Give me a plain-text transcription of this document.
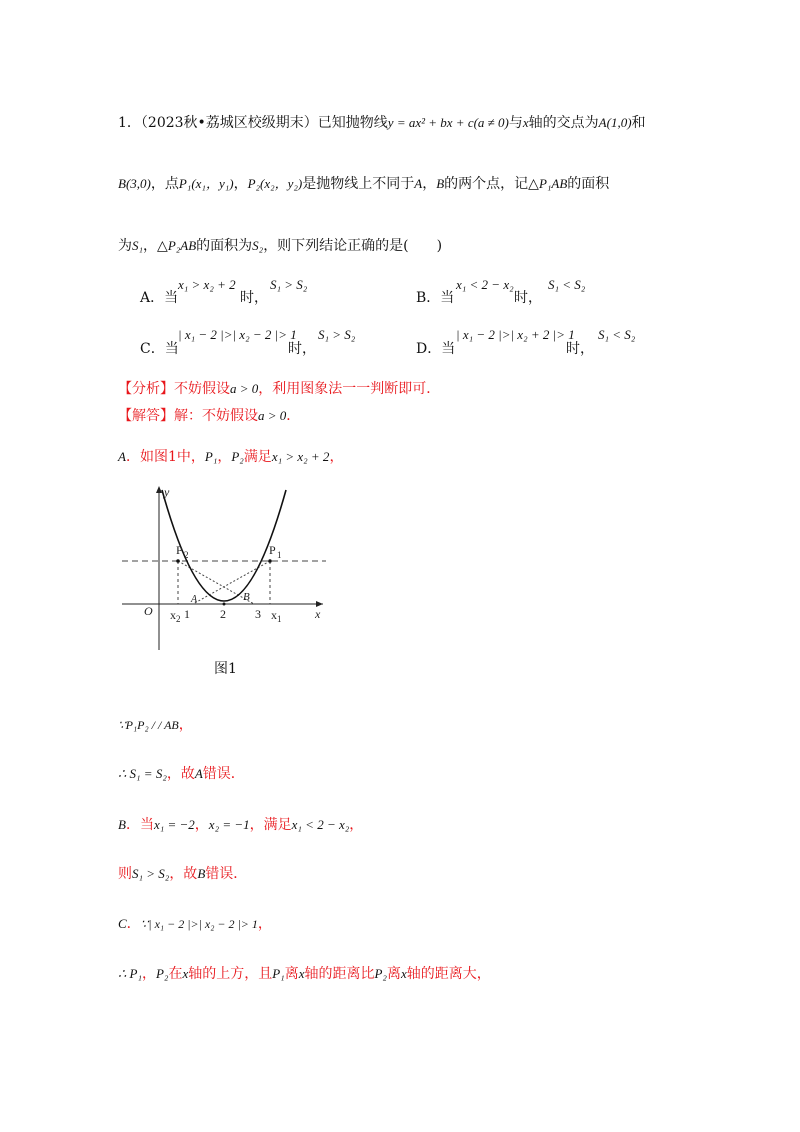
1．（2023秋•荔城区校级期末）已知抛物线y = ax² + bx + c(a ≠ 0)与x轴的交点为A(1,0)和
B(3,0)，点P₁(x₁，y₁)，P₂(x₂，y₂)是抛物线上不同于A，B的两个点，记△P₁AB的面积
为S₁，△P₂AB的面积为S₂，则下列结论正确的是(　　)
x₁ > x₂ + 2	S₁ > S₂
A．当	时，
x₁ < 2 − x₂	S₁ < S₂
B．当	时，
| x₁ − 2 |>| x₂ − 2 |> 1 S₁ > S₂
C．当	时，
| x₁ − 2 |>| x₂ + 2 |> 1 S₁ < S₂
D．当	时，
【分析】不妨假设a > 0，利用图象法一一判断即可．
【解答】解：不妨假设a > 0．
A．如图1中，P₁，P₂满足x₁ > x₂ + 2，
y
x
O
P 2	P 1
A	B
x 2 1	2 3 x 1
图1
∵P₁P₂ / / AB，
∴ S₁ = S₂，故A错误．
B．当x₁ = −2，x₂ = −1，满足x₁ < 2 − x₂，
则S₁ > S₂，故B错误．
C．∵| x₁ − 2 |>| x₂ − 2 |> 1，
∴ P₁，P₂在x轴的上方，且P₁离x轴的距离比P₂离x轴的距离大，
